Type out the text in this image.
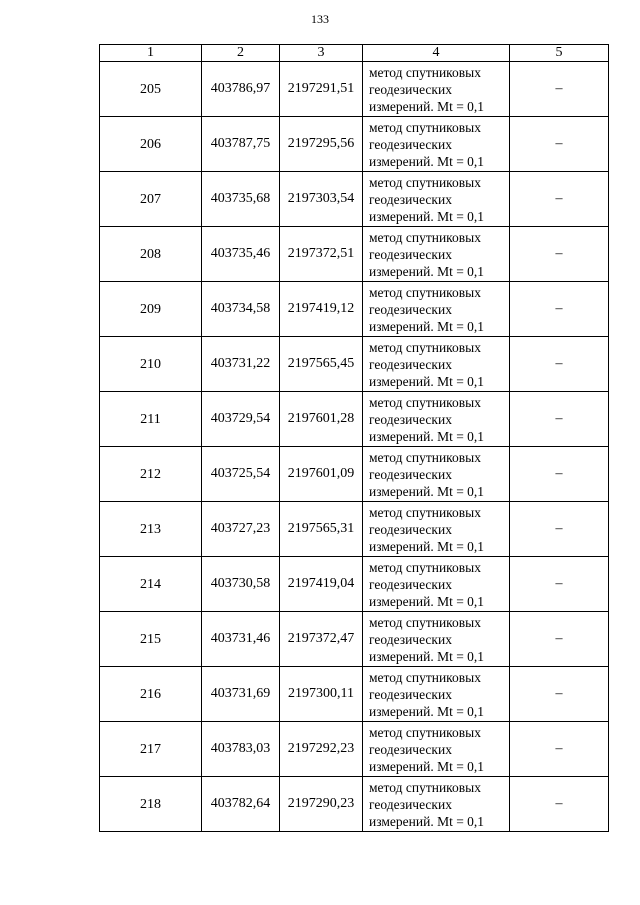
133
1	2	3	4	5
205	403786,97	2197291,51	метод спутниковых
геодезических
измерений. Mt = 0,1	–
206	403787,75	2197295,56	метод спутниковых
геодезических
измерений. Mt = 0,1	–
207	403735,68	2197303,54	метод спутниковых
геодезических
измерений. Mt = 0,1	–
208	403735,46	2197372,51	метод спутниковых
геодезических
измерений. Mt = 0,1	–
209	403734,58	2197419,12	метод спутниковых
геодезических
измерений. Mt = 0,1	–
210	403731,22	2197565,45	метод спутниковых
геодезических
измерений. Mt = 0,1	–
211	403729,54	2197601,28	метод спутниковых
геодезических
измерений. Mt = 0,1	–
212	403725,54	2197601,09	метод спутниковых
геодезических
измерений. Mt = 0,1	–
213	403727,23	2197565,31	метод спутниковых
геодезических
измерений. Mt = 0,1	–
214	403730,58	2197419,04	метод спутниковых
геодезических
измерений. Mt = 0,1	–
215	403731,46	2197372,47	метод спутниковых
геодезических
измерений. Mt = 0,1	–
216	403731,69	2197300,11	метод спутниковых
геодезических
измерений. Mt = 0,1	–
217	403783,03	2197292,23	метод спутниковых
геодезических
измерений. Mt = 0,1	–
218	403782,64	2197290,23	метод спутниковых
геодезических
измерений. Mt = 0,1	–
